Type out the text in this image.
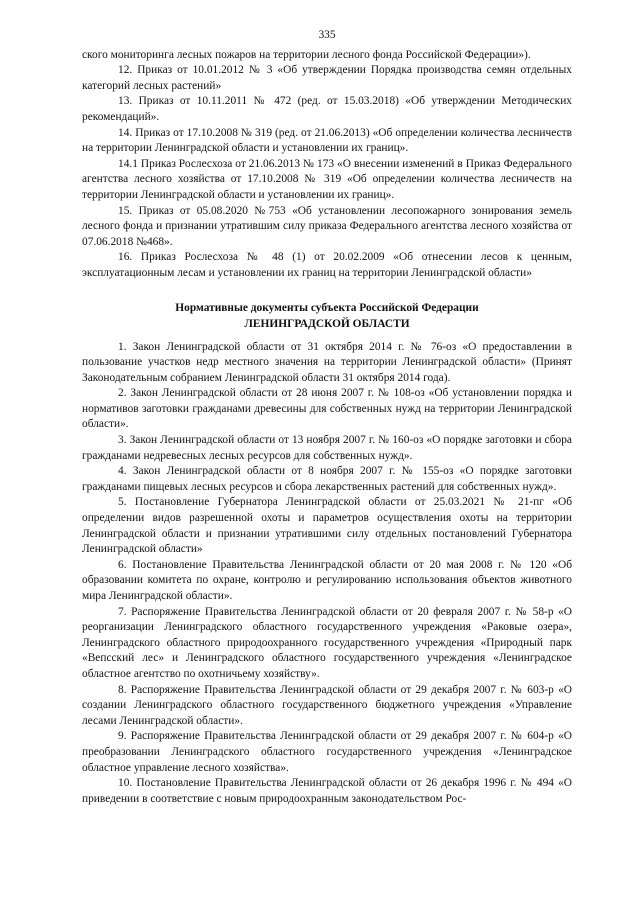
335

ского мониторинга лесных пожаров на территории лесного фонда Российской Федерации»).

12. Приказ от 10.01.2012 № 3 «Об утверждении Порядка производства семян отдельных категорий лесных растений»

13. Приказ от 10.11.2011 № 472 (ред. от 15.03.2018) «Об утверждении Методических рекомендаций».

14. Приказ от 17.10.2008 № 319 (ред. от 21.06.2013) «Об определении количества лесничеств на территории Ленинградской области и установлении их границ».

14.1 Приказ Рослесхоза от 21.06.2013 № 173 «О внесении изменений в Приказ Федерального агентства лесного хозяйства от 17.10.2008 № 319 «Об определении количества лесничеств на территории Ленинградской области и установлении их границ».

15. Приказ от 05.08.2020 №753 «Об установлении лесопожарного зонирования земель лесного фонда и признании утратившим силу приказа Федерального агентства лесного хозяйства от 07.06.2018 №468».

16. Приказ Рослесхоза № 48 (1) от 20.02.2009 «Об отнесении лесов к ценным, эксплуатационным лесам и установлении их границ на территории Ленинградской области»

Нормативные документы субъекта Российской Федерации
ЛЕНИНГРАДСКОЙ ОБЛАСТИ

1. Закон Ленинградской области от 31 октября 2014 г. № 76-оз «О предоставлении в пользование участков недр местного значения на территории Ленинградской области» (Принят Законодательным собранием Ленинградской области 31 октября 2014 года).

2. Закон Ленинградской области от 28 июня 2007 г. № 108-оз «Об установлении порядка и нормативов заготовки гражданами древесины для собственных нужд на территории Ленинградской области».

3. Закон Ленинградской области от 13 ноября 2007 г. № 160-оз «О порядке заготовки и сбора гражданами недревесных лесных ресурсов для собственных нужд».

4. Закон Ленинградской области от 8 ноября 2007 г. № 155-оз «О порядке заготовки гражданами пищевых лесных ресурсов и сбора лекарственных растений для собственных нужд».

5. Постановление Губернатора Ленинградской области от 25.03.2021 № 21-пг «Об определении видов разрешенной охоты и параметров осуществления охоты на территории Ленинградской области и признании утратившими силу отдельных постановлений Губернатора Ленинградской области»

6. Постановление Правительства Ленинградской области от 20 мая 2008 г. № 120 «Об образовании комитета по охране, контролю и регулированию использования объектов животного мира Ленинградской области».

7. Распоряжение Правительства Ленинградской области от 20 февраля 2007 г. № 58-р «О реорганизации Ленинградского областного государственного учреждения «Раковые озера», Ленинградского областного природоохранного государственного учреждения «Природный парк «Вепсский лес» и Ленинградского областного государственного учреждения «Ленинградское областное агентство по охотничьему хозяйству».

8. Распоряжение Правительства Ленинградской области от 29 декабря 2007 г. № 603-р «О создании Ленинградского областного государственного бюджетного учреждения «Управление лесами Ленинградской области».

9. Распоряжение Правительства Ленинградской области от 29 декабря 2007 г. № 604-р «О преобразовании Ленинградского областного государственного учреждения «Ленинградское областное управление лесного хозяйства».

10. Постановление Правительства Ленинградской области от 26 декабря 1996 г. № 494 «О приведении в соответствие с новым природоохранным законодательством Рос-
